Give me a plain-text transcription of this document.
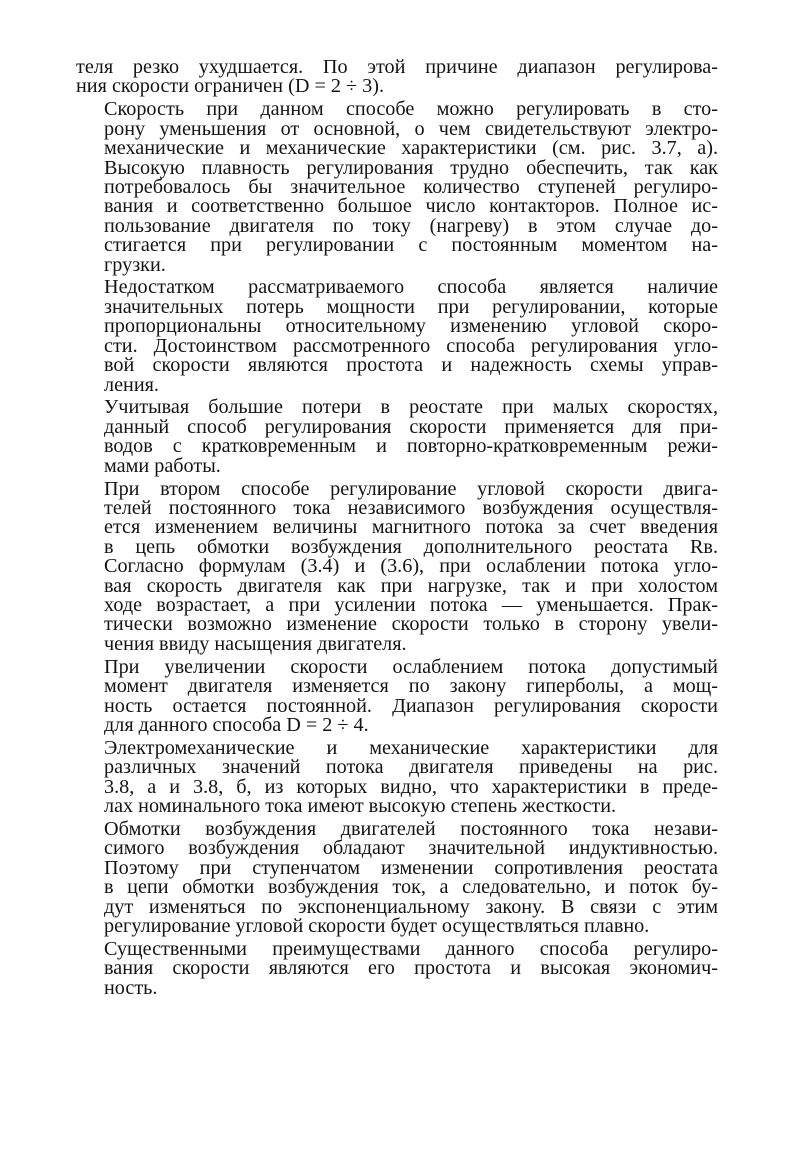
теля резко ухудшается. По этой причине диапазон регулирова-
ния скорости ограничен (D = 2 ÷ 3).

Скорость при данном способе можно регулировать в сто-
рону уменьшения от основной, о чем свидетельствуют электро-
механические и механические характеристики (см. рис. 3.7, а).
Высокую плавность регулирования трудно обеспечить, так как
потребовалось бы значительное количество ступеней регулиро-
вания и соответственно большое число контакторов. Полное ис-
пользование двигателя по току (нагреву) в этом случае до-
стигается при регулировании с постоянным моментом на-
грузки.

Недостатком рассматриваемого способа является наличие
значительных потерь мощности при регулировании, которые
пропорциональны относительному изменению угловой скоро-
сти. Достоинством рассмотренного способа регулирования угло-
вой скорости являются простота и надежность схемы управ-
ления.

Учитывая большие потери в реостате при малых скоростях,
данный способ регулирования скорости применяется для при-
водов с кратковременным и повторно-кратковременным режи-
мами работы.

При втором способе регулирование угловой скорости двига-
телей постоянного тока независимого возбуждения осуществля-
ется изменением величины магнитного потока за счет введения
в цепь обмотки возбуждения дополнительного реостата Rв.
Согласно формулам (3.4) и (3.6), при ослаблении потока угло-
вая скорость двигателя как при нагрузке, так и при холостом
ходе возрастает, а при усилении потока — уменьшается. Прак-
тически возможно изменение скорости только в сторону увели-
чения ввиду насыщения двигателя.

При увеличении скорости ослаблением потока допустимый
момент двигателя изменяется по закону гиперболы, а мощ-
ность остается постоянной. Диапазон регулирования скорости
для данного способа D = 2 ÷ 4.

Электромеханические и механические характеристики для
различных значений потока двигателя приведены на рис.
3.8, а и 3.8, б, из которых видно, что характеристики в преде-
лах номинального тока имеют высокую степень жесткости.

Обмотки возбуждения двигателей постоянного тока незави-
симого возбуждения обладают значительной индуктивностью.
Поэтому при ступенчатом изменении сопротивления реостата
в цепи обмотки возбуждения ток, а следовательно, и поток бу-
дут изменяться по экспоненциальному закону. В связи с этим
регулирование угловой скорости будет осуществляться плавно.

Существенными преимуществами данного способа регулиро-
вания скорости являются его простота и высокая экономич-
ность.
